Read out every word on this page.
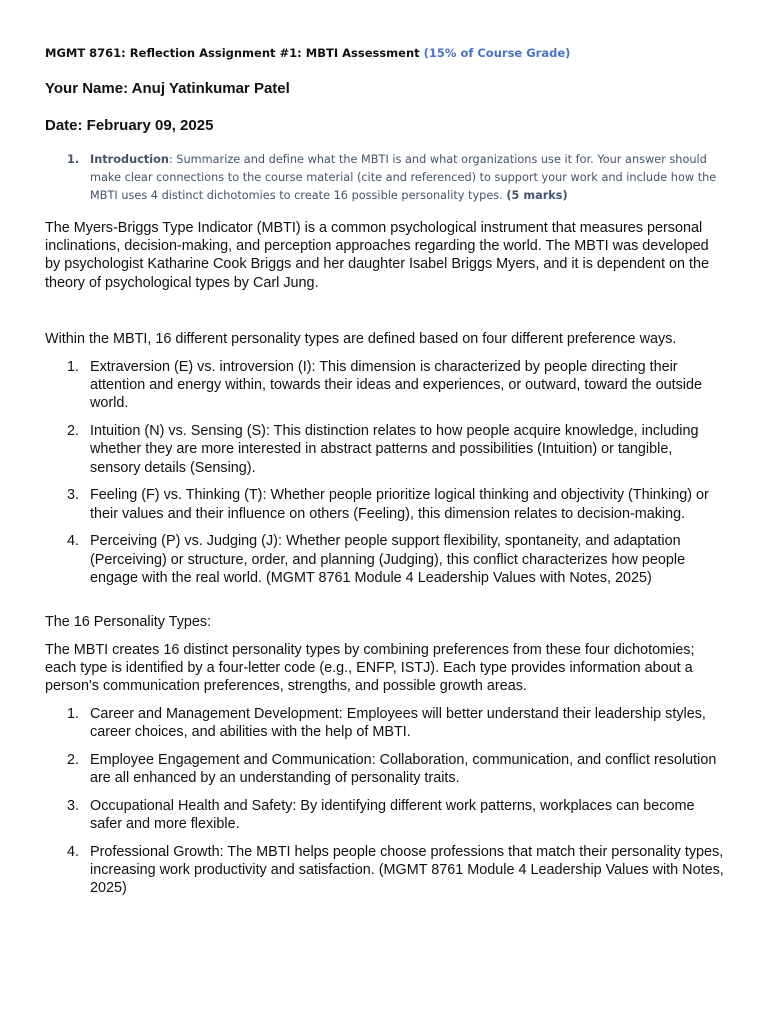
MGMT 8761: Reflection Assignment #1: MBTI Assessment (15% of Course Grade)
Your Name: Anuj Yatinkumar Patel
Date: February 09, 2025
1. Introduction: Summarize and define what the MBTI is and what organizations use it for. Your answer should make clear connections to the course material (cite and referenced) to support your work and include how the MBTI uses 4 distinct dichotomies to create 16 possible personality types. (5 marks)
The Myers-Briggs Type Indicator (MBTI) is a common psychological instrument that measures personal inclinations, decision-making, and perception approaches regarding the world. The MBTI was developed by psychologist Katharine Cook Briggs and her daughter Isabel Briggs Myers, and it is dependent on the theory of psychological types by Carl Jung.
Within the MBTI, 16 different personality types are defined based on four different preference ways.
1. Extraversion (E) vs. introversion (I): This dimension is characterized by people directing their attention and energy within, towards their ideas and experiences, or outward, toward the outside world.
2. Intuition (N) vs. Sensing (S): This distinction relates to how people acquire knowledge, including whether they are more interested in abstract patterns and possibilities (Intuition) or tangible, sensory details (Sensing).
3. Feeling (F) vs. Thinking (T): Whether people prioritize logical thinking and objectivity (Thinking) or their values and their influence on others (Feeling), this dimension relates to decision-making.
4. Perceiving (P) vs. Judging (J): Whether people support flexibility, spontaneity, and adaptation (Perceiving) or structure, order, and planning (Judging), this conflict characterizes how people engage with the real world. (MGMT 8761 Module 4 Leadership Values with Notes, 2025)
The 16 Personality Types:
The MBTI creates 16 distinct personality types by combining preferences from these four dichotomies; each type is identified by a four-letter code (e.g., ENFP, ISTJ). Each type provides information about a person's communication preferences, strengths, and possible growth areas.
1. Career and Management Development: Employees will better understand their leadership styles, career choices, and abilities with the help of MBTI.
2. Employee Engagement and Communication: Collaboration, communication, and conflict resolution are all enhanced by an understanding of personality traits.
3. Occupational Health and Safety: By identifying different work patterns, workplaces can become safer and more flexible.
4. Professional Growth: The MBTI helps people choose professions that match their personality types, increasing work productivity and satisfaction. (MGMT 8761 Module 4 Leadership Values with Notes, 2025)
